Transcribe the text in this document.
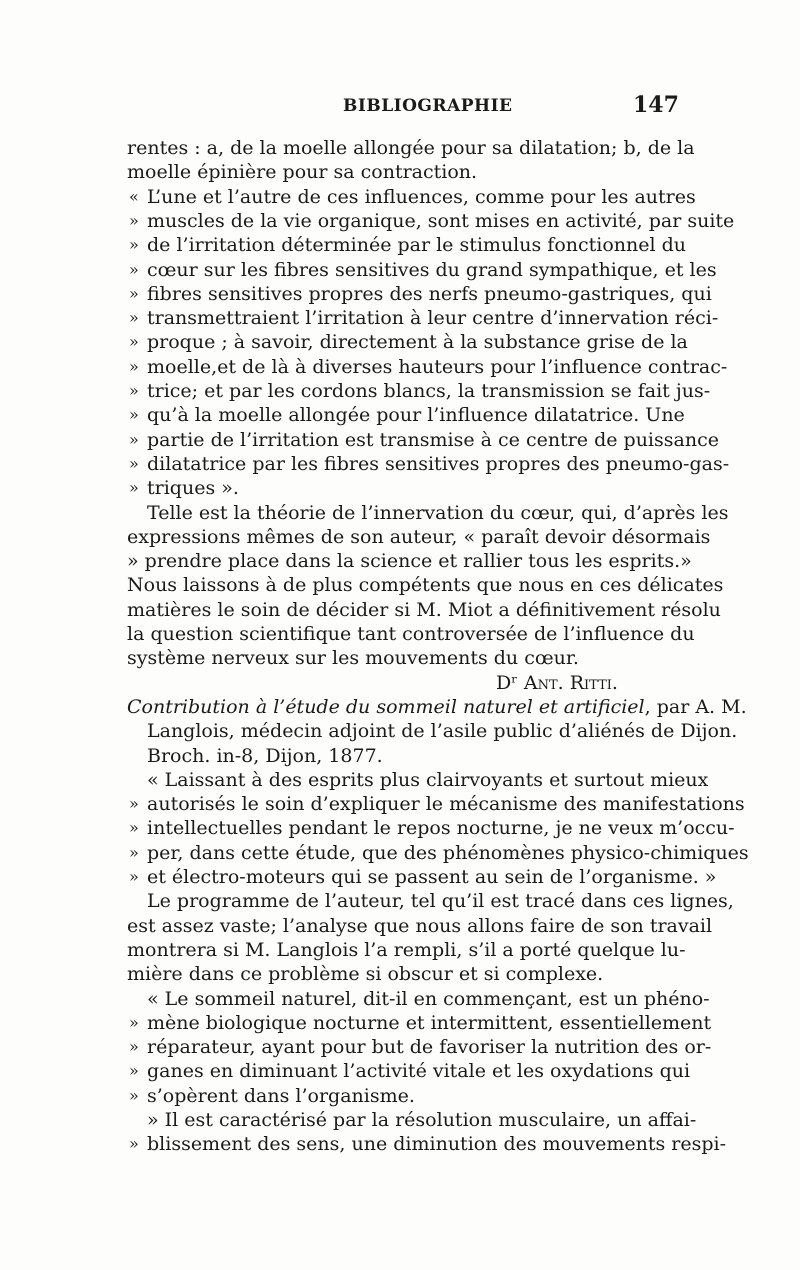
BIBLIOGRAPHIE	147
rentes : a, de la moelle allongée pour sa dilatation; b, de la
moelle épinière pour sa contraction.
« L’une et l’autre de ces influences, comme pour les autres
» muscles de la vie organique, sont mises en activité, par suite
» de l’irritation déterminée par le stimulus fonctionnel du
» cœur sur les fibres sensitives du grand sympathique, et les
» fibres sensitives propres des nerfs pneumo-gastriques, qui
» transmettraient l’irritation à leur centre d’innervation réci-
» proque ; à savoir, directement à la substance grise de la
» moelle,et de là à diverses hauteurs pour l’influence contrac-
» trice; et par les cordons blancs, la transmission se fait jus-
» qu’à la moelle allongée pour l’influence dilatatrice. Une
» partie de l’irritation est transmise à ce centre de puissance
» dilatatrice par les fibres sensitives propres des pneumo-gas-
» triques ».
Telle est la théorie de l’innervation du cœur, qui, d’après les
expressions mêmes de son auteur, « paraît devoir désormais
» prendre place dans la science et rallier tous les esprits.»
Nous laissons à de plus compétents que nous en ces délicates
matières le soin de décider si M. Miot a définitivement résolu
la question scientifique tant controversée de l’influence du
système nerveux sur les mouvements du cœur.
Dʳ Ant. Ritti.
Contribution à l’étude du sommeil naturel et artificiel, par A. M.
Langlois, médecin adjoint de l’asile public d’aliénés de Dijon.
Broch. in-8, Dijon, 1877.
« Laissant à des esprits plus clairvoyants et surtout mieux
» autorisés le soin d’expliquer le mécanisme des manifestations
» intellectuelles pendant le repos nocturne, je ne veux m’occu-
» per, dans cette étude, que des phénomènes physico-chimiques
» et électro-moteurs qui se passent au sein de l’organisme. »
Le programme de l’auteur, tel qu’il est tracé dans ces lignes,
est assez vaste; l’analyse que nous allons faire de son travail
montrera si M. Langlois l’a rempli, s’il a porté quelque lu-
mière dans ce problème si obscur et si complexe.
« Le sommeil naturel, dit-il en commençant, est un phéno-
» mène biologique nocturne et intermittent, essentiellement
» réparateur, ayant pour but de favoriser la nutrition des or-
» ganes en diminuant l’activité vitale et les oxydations qui
» s’opèrent dans l’organisme.
» Il est caractérisé par la résolution musculaire, un affai-
» blissement des sens, une diminution des mouvements respi-
